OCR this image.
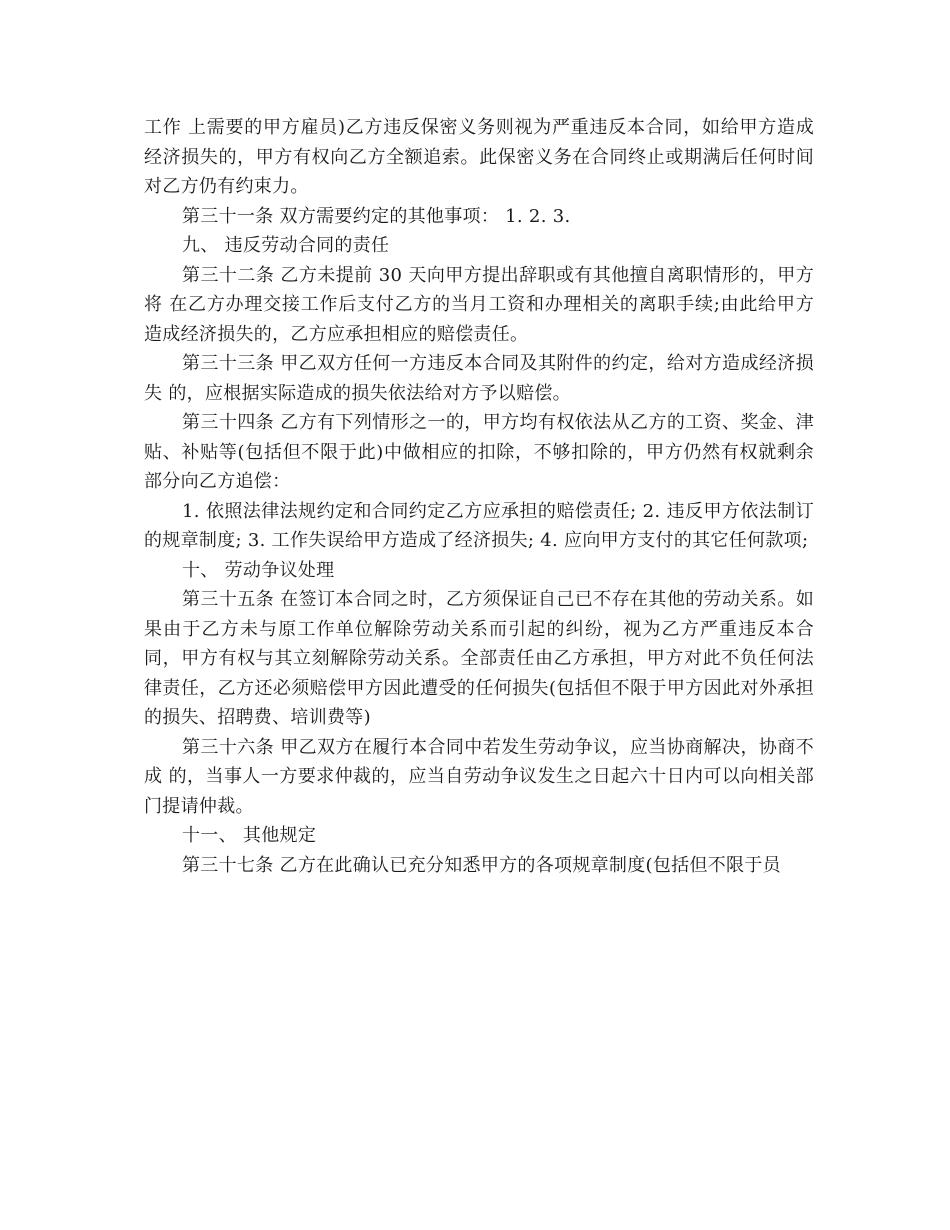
工作 上需要的甲方雇员)乙方违反保密义务则视为严重违反本合同，如给甲方造成经济损失的，甲方有权向乙方全额追索。此保密义务在合同终止或期满后任何时间对乙方仍有约束力。

第三十一条 双方需要约定的其他事项： 1. 2. 3.

九、 违反劳动合同的责任

第三十二条 乙方未提前 30 天向甲方提出辞职或有其他擅自离职情形的，甲方将 在乙方办理交接工作后支付乙方的当月工资和办理相关的离职手续;由此给甲方造成经济损失的，乙方应承担相应的赔偿责任。

第三十三条 甲乙双方任何一方违反本合同及其附件的约定，给对方造成经济损失 的，应根据实际造成的损失依法给对方予以赔偿。

第三十四条 乙方有下列情形之一的，甲方均有权依法从乙方的工资、奖金、津贴、补贴等(包括但不限于此)中做相应的扣除，不够扣除的，甲方仍然有权就剩余部分向乙方追偿：

1. 依照法律法规约定和合同约定乙方应承担的赔偿责任; 2. 违反甲方依法制订的规章制度; 3. 工作失误给甲方造成了经济损失; 4. 应向甲方支付的其它任何款项;

十、 劳动争议处理

第三十五条 在签订本合同之时，乙方须保证自己已不存在其他的劳动关系。如果由于乙方未与原工作单位解除劳动关系而引起的纠纷，视为乙方严重违反本合同，甲方有权与其立刻解除劳动关系。全部责任由乙方承担，甲方对此不负任何法律责任，乙方还必须赔偿甲方因此遭受的任何损失(包括但不限于甲方因此对外承担的损失、招聘费、培训费等)

第三十六条 甲乙双方在履行本合同中若发生劳动争议，应当协商解决，协商不成 的，当事人一方要求仲裁的，应当自劳动争议发生之日起六十日内可以向相关部门提请仲裁。

十一、 其他规定

第三十七条 乙方在此确认已充分知悉甲方的各项规章制度(包括但不限于员
